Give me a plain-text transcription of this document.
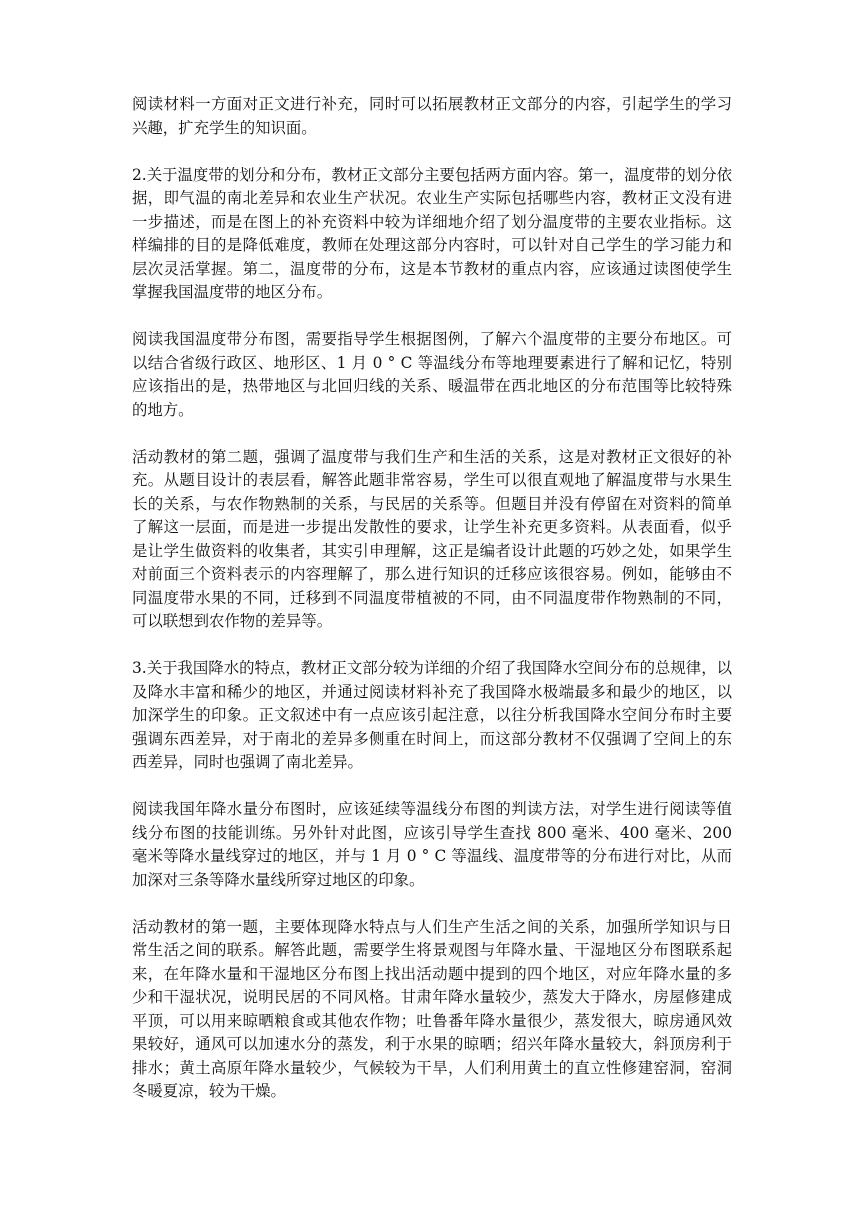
阅读材料一方面对正文进行补充，同时可以拓展教材正文部分的内容，引起学生的学习兴趣，扩充学生的知识面。

2.关于温度带的划分和分布，教材正文部分主要包括两方面内容。第一，温度带的划分依据，即气温的南北差异和农业生产状况。农业生产实际包括哪些内容，教材正文没有进一步描述，而是在图上的补充资料中较为详细地介绍了划分温度带的主要农业指标。这样编排的目的是降低难度，教师在处理这部分内容时，可以针对自己学生的学习能力和层次灵活掌握。第二，温度带的分布，这是本节教材的重点内容，应该通过读图使学生掌握我国温度带的地区分布。

阅读我国温度带分布图，需要指导学生根据图例，了解六个温度带的主要分布地区。可以结合省级行政区、地形区、1 月 0 ° C 等温线分布等地理要素进行了解和记忆，特别应该指出的是，热带地区与北回归线的关系、暖温带在西北地区的分布范围等比较特殊的地方。

活动教材的第二题，强调了温度带与我们生产和生活的关系，这是对教材正文很好的补充。从题目设计的表层看，解答此题非常容易，学生可以很直观地了解温度带与水果生长的关系，与农作物熟制的关系，与民居的关系等。但题目并没有停留在对资料的简单了解这一层面，而是进一步提出发散性的要求，让学生补充更多资料。从表面看，似乎是让学生做资料的收集者，其实引申理解，这正是编者设计此题的巧妙之处，如果学生对前面三个资料表示的内容理解了，那么进行知识的迁移应该很容易。例如，能够由不同温度带水果的不同，迁移到不同温度带植被的不同，由不同温度带作物熟制的不同，可以联想到农作物的差异等。

3.关于我国降水的特点，教材正文部分较为详细的介绍了我国降水空间分布的总规律，以及降水丰富和稀少的地区，并通过阅读材料补充了我国降水极端最多和最少的地区，以加深学生的印象。正文叙述中有一点应该引起注意，以往分析我国降水空间分布时主要强调东西差异，对于南北的差异多侧重在时间上，而这部分教材不仅强调了空间上的东西差异，同时也强调了南北差异。

阅读我国年降水量分布图时，应该延续等温线分布图的判读方法，对学生进行阅读等值线分布图的技能训练。另外针对此图，应该引导学生查找 800 毫米、400 毫米、200 毫米等降水量线穿过的地区，并与 1 月 0 ° C 等温线、温度带等的分布进行对比，从而加深对三条等降水量线所穿过地区的印象。

活动教材的第一题，主要体现降水特点与人们生产生活之间的关系，加强所学知识与日常生活之间的联系。解答此题，需要学生将景观图与年降水量、干湿地区分布图联系起来，在年降水量和干湿地区分布图上找出活动题中提到的四个地区，对应年降水量的多少和干湿状况，说明民居的不同风格。甘肃年降水量较少，蒸发大于降水，房屋修建成平顶，可以用来晾晒粮食或其他农作物；吐鲁番年降水量很少，蒸发很大，晾房通风效果较好，通风可以加速水分的蒸发，利于水果的晾晒；绍兴年降水量较大，斜顶房利于排水；黄土高原年降水量较少，气候较为干旱，人们利用黄土的直立性修建窑洞，窑洞冬暖夏凉，较为干燥。
